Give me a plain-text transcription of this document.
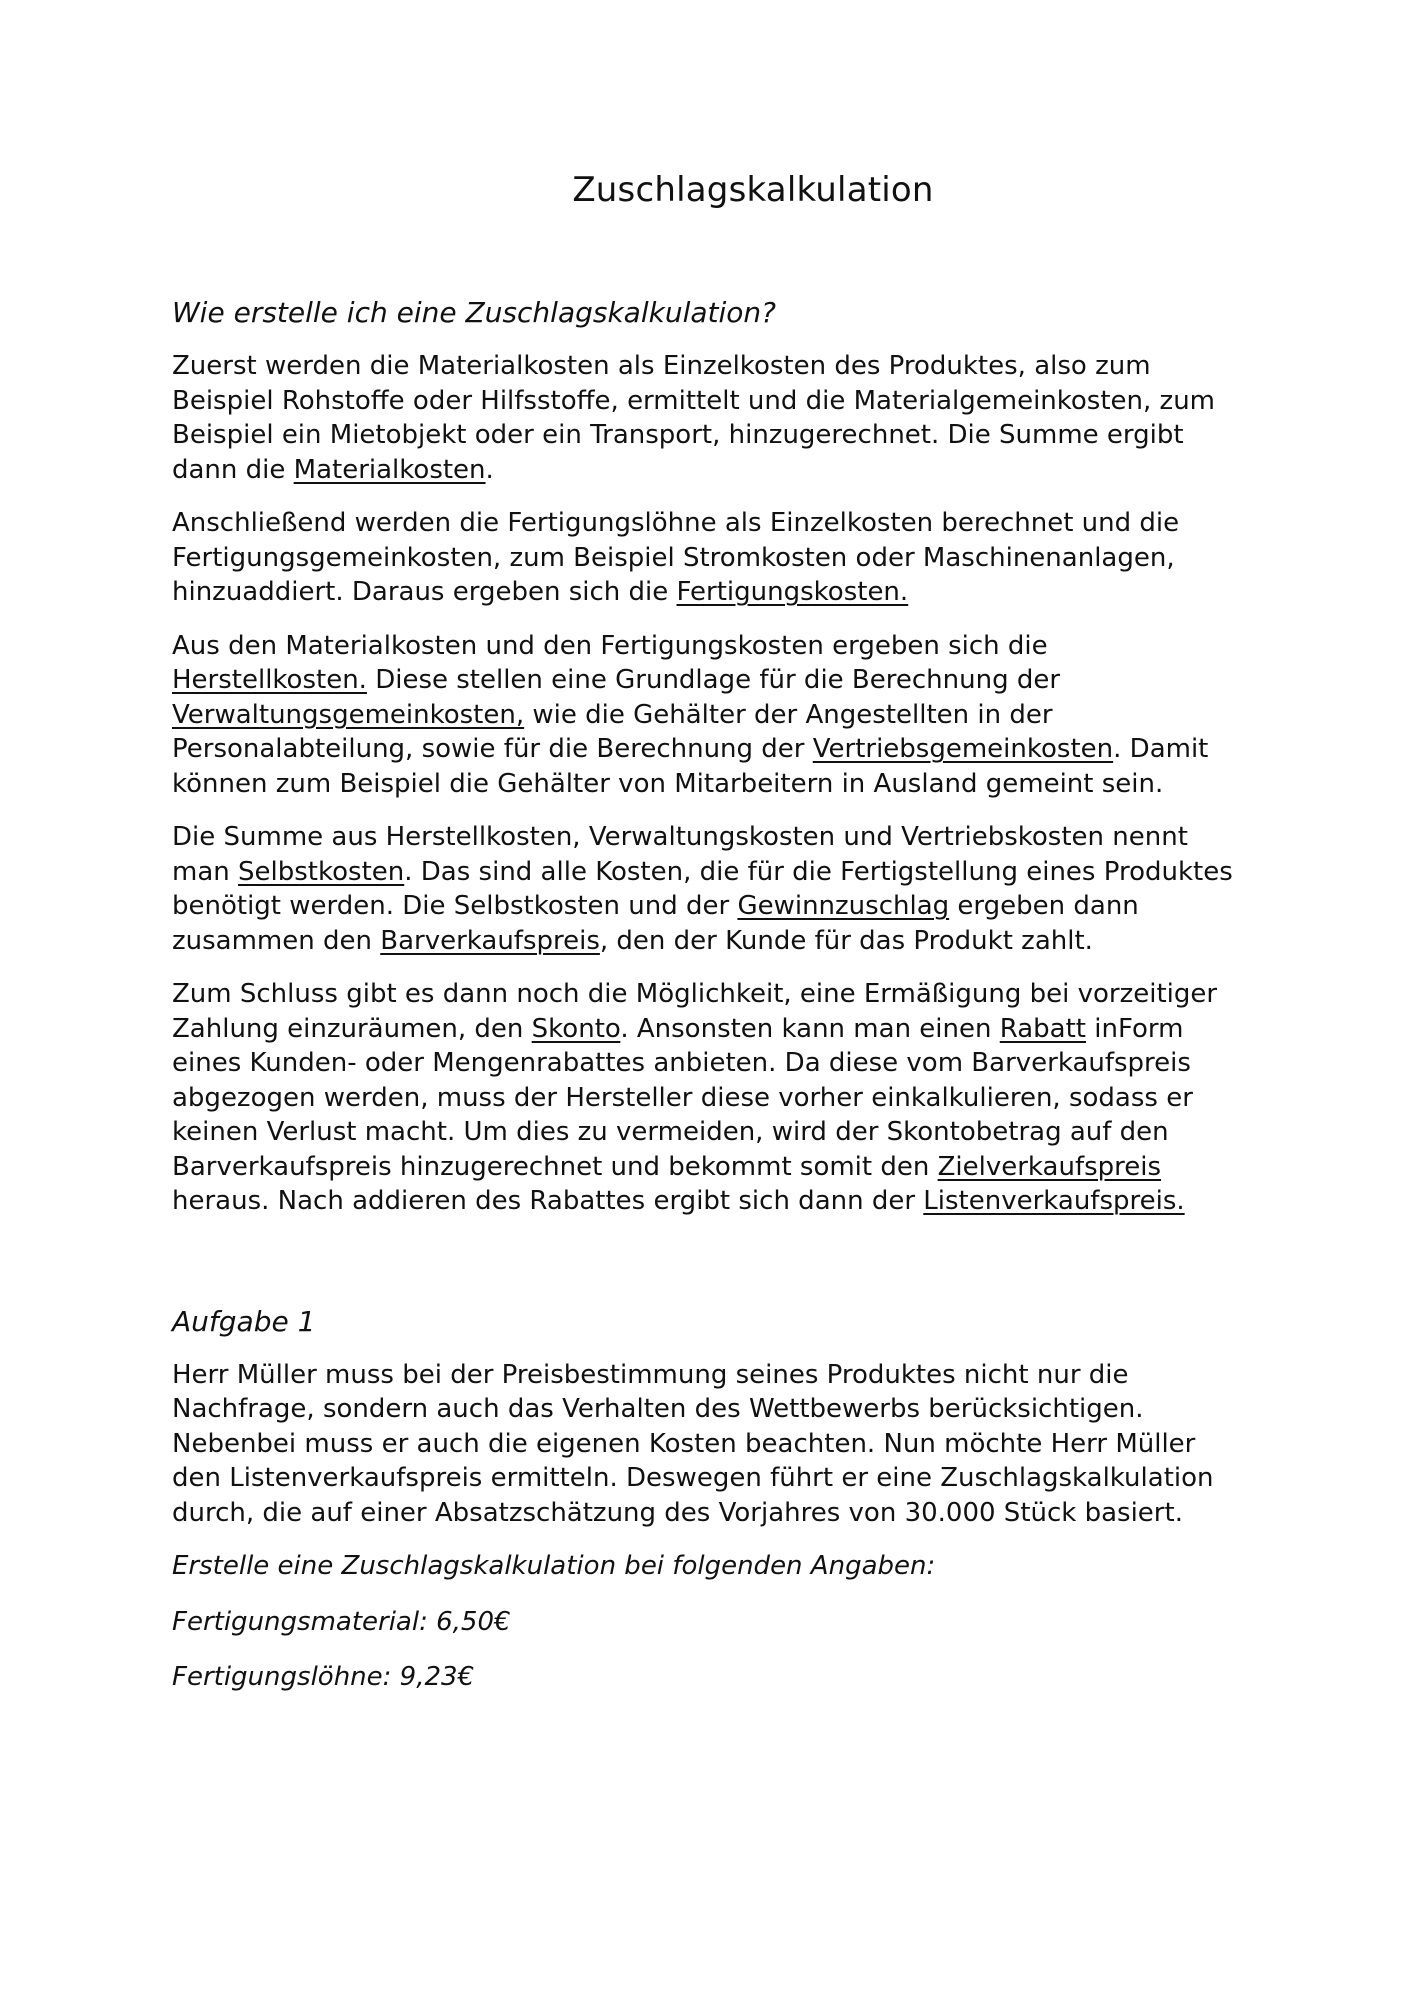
Zuschlagskalkulation
Wie erstelle ich eine Zuschlagskalkulation?

Zuerst werden die Materialkosten als Einzelkosten des Produktes, also zum Beispiel Rohstoffe oder Hilfsstoffe, ermittelt und die Materialgemeinkosten, zum Beispiel ein Mietobjekt oder ein Transport, hinzugerechnet. Die Summe ergibt dann die Materialkosten.

Anschließend werden die Fertigungslöhne als Einzelkosten berechnet und die Fertigungsgemeinkosten, zum Beispiel Stromkosten oder Maschinenanlagen, hinzuaddiert. Daraus ergeben sich die Fertigungskosten.

Aus den Materialkosten und den Fertigungskosten ergeben sich die Herstellkosten. Diese stellen eine Grundlage für die Berechnung der Verwaltungsgemeinkosten, wie die Gehälter der Angestellten in der Personalabteilung, sowie für die Berechnung der Vertriebsgemeinkosten. Damit können zum Beispiel die Gehälter von Mitarbeitern in Ausland gemeint sein.

Die Summe aus Herstellkosten, Verwaltungskosten und Vertriebskosten nennt man Selbstkosten. Das sind alle Kosten, die für die Fertigstellung eines Produktes benötigt werden. Die Selbstkosten und der Gewinnzuschlag ergeben dann zusammen den Barverkaufspreis, den der Kunde für das Produkt zahlt.

Zum Schluss gibt es dann noch die Möglichkeit, eine Ermäßigung bei vorzeitiger Zahlung einzuräumen, den Skonto. Ansonsten kann man einen Rabatt inForm eines Kunden- oder Mengenrabattes anbieten. Da diese vom Barverkaufspreis abgezogen werden, muss der Hersteller diese vorher einkalkulieren, sodass er keinen Verlust macht. Um dies zu vermeiden, wird der Skontobetrag auf den Barverkaufspreis hinzugerechnet und bekommt somit den Zielverkaufspreis heraus. Nach addieren des Rabattes ergibt sich dann der Listenverkaufspreis.

Aufgabe 1

Herr Müller muss bei der Preisbestimmung seines Produktes nicht nur die Nachfrage, sondern auch das Verhalten des Wettbewerbs berücksichtigen. Nebenbei muss er auch die eigenen Kosten beachten. Nun möchte Herr Müller den Listenverkaufspreis ermitteln. Deswegen führt er eine Zuschlagskalkulation durch, die auf einer Absatzschätzung des Vorjahres von 30.000 Stück basiert.

Erstelle eine Zuschlagskalkulation bei folgenden Angaben:

Fertigungsmaterial: 6,50€

Fertigungslöhne: 9,23€
